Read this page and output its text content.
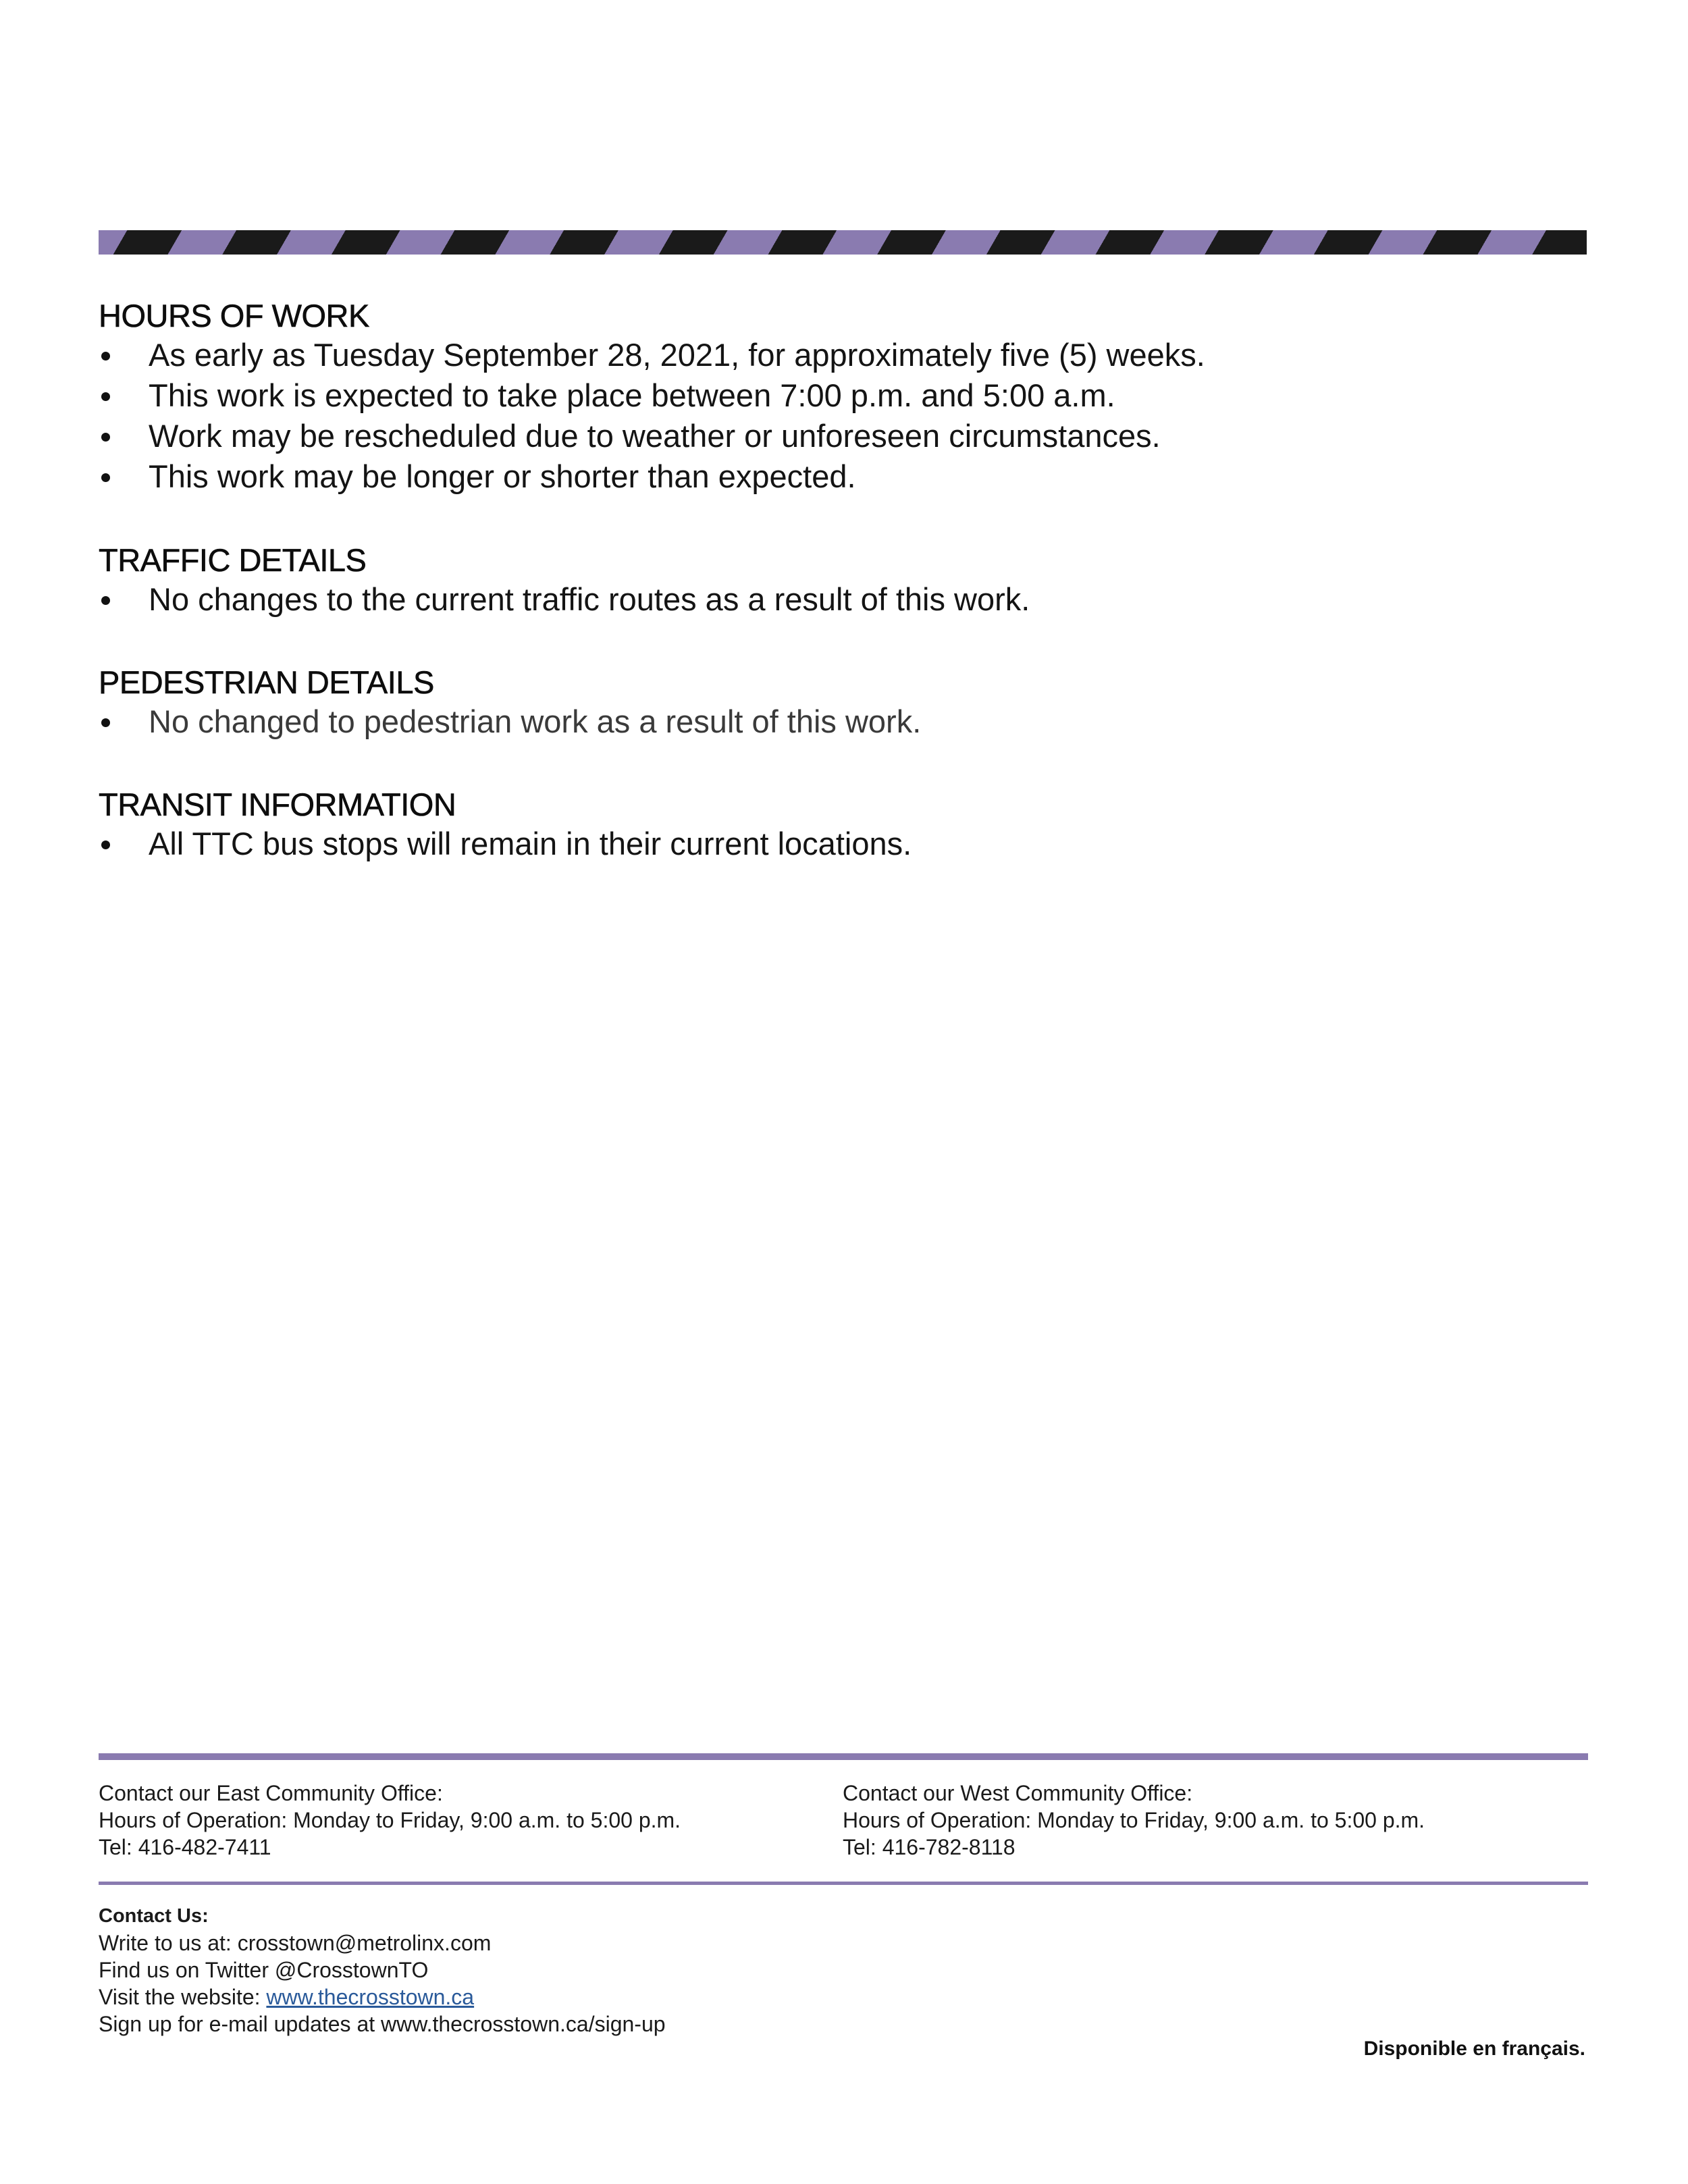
HOURS OF WORK
As early as Tuesday September 28, 2021, for approximately five (5) weeks.
This work is expected to take place between 7:00 p.m. and 5:00 a.m.
Work may be rescheduled due to weather or unforeseen circumstances.
This work may be longer or shorter than expected.
TRAFFIC DETAILS
No changes to the current traffic routes as a result of this work.
PEDESTRIAN DETAILS
No changed to pedestrian work as a result of this work.
TRANSIT INFORMATION
All TTC bus stops will remain in their current locations.
Contact our East Community Office:
Hours of Operation: Monday to Friday, 9:00 a.m. to 5:00 p.m.
Tel: 416-482-7411
Contact our West Community Office:
Hours of Operation: Monday to Friday, 9:00 a.m. to 5:00 p.m.
Tel: 416-782-8118
Contact Us:
Write to us at: crosstown@metrolinx.com
Find us on Twitter @CrosstownTO
Visit the website: www.thecrosstown.ca
Sign up for e-mail updates at www.thecrosstown.ca/sign-up
Disponible en français.
